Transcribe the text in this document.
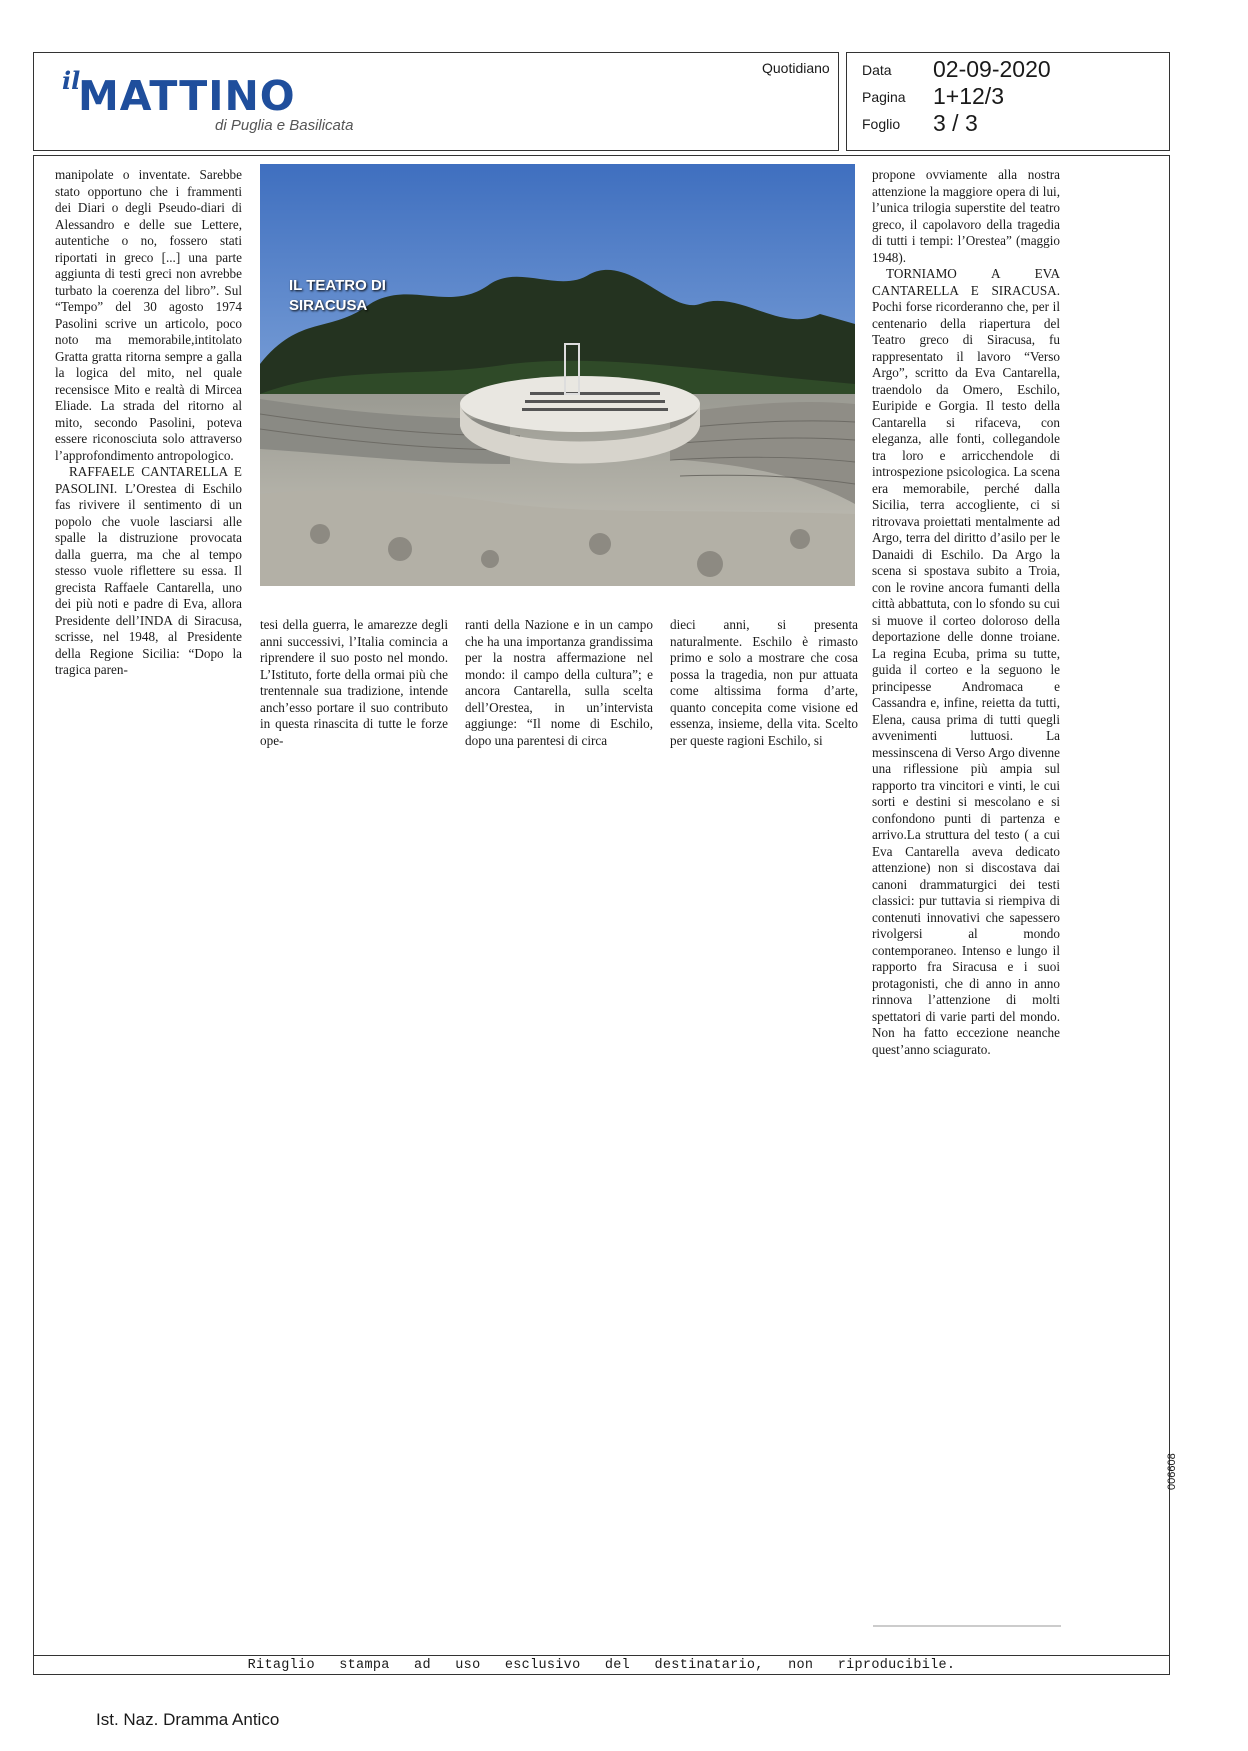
il
MATTINO
di Puglia e Basilicata
Quotidiano Data 02-09-2020
Pagina 1+12/3
Foglio 3 / 3

manipolate o inventate. Sarebbe stato opportuno che i frammenti dei Diari o degli Pseudo-diari di Alessandro e delle sue Lettere, autentiche o no, fossero stati riportati in greco [...] una parte aggiunta di testi greci non avrebbe turbato la coerenza del libro”. Sul “Tempo” del 30 agosto 1974 Pasolini scrive un articolo, poco noto ma memorabile,intitolato Gratta gratta ritorna sempre a galla la logica del mito, nel quale recensisce Mito e realtà di Mircea Eliade. La strada del ritorno al mito, secondo Pasolini, poteva essere riconosciuta solo attraverso l’approfondimento antropologico.

RAFFAELE CANTARELLA E PASOLINI. L’Orestea di Eschilo fas rivivere il sentimento di un popolo che vuole lasciarsi alle spalle la distruzione provocata dalla guerra, ma che al tempo stesso vuole riflettere su essa. Il grecista Raffaele Cantarella, uno dei più noti e padre di Eva, allora Presidente dell’INDA di Siracusa, scrisse, nel 1948, al Presidente della Regione Sicilia: “Dopo la tragica paren-

IL TEATRO DI
SIRACUSA

tesi della guerra, le amarezze degli anni successivi, l’Italia comincia a riprendere il suo posto nel mondo. L’Istituto, forte della ormai più che trentennale sua tradizione, intende anch’esso portare il suo contributo in questa rinascita di tutte le forze ope-

ranti della Nazione e in un campo che ha una importanza grandissima per la nostra affermazione nel mondo: il campo della cultura”; e ancora Cantarella, sulla scelta dell’Orestea, in un’intervista aggiunge: “Il nome di Eschilo, dopo una parentesi di circa

dieci anni, si presenta naturalmente. Eschilo è rimasto primo e solo a mostrare che cosa possa la tragedia, non pur attuata come altissima forma d’arte, quanto concepita come visione ed essenza, insieme, della vita. Scelto per queste ragioni Eschilo, si

propone ovviamente alla nostra attenzione la maggiore opera di lui, l’unica trilogia superstite del teatro greco, il capolavoro della tragedia di tutti i tempi: l’Orestea” (maggio 1948).

TORNIAMO A EVA CANTARELLA E SIRACUSA. Pochi forse ricorderanno che, per il centenario della riapertura del Teatro greco di Siracusa, fu rappresentato il lavoro “Verso Argo”, scritto da Eva Cantarella, traendolo da Omero, Eschilo, Euripide e Gorgia. Il testo della Cantarella si rifaceva, con eleganza, alle fonti, collegandole tra loro e arricchendole di introspezione psicologica. La scena era memorabile, perché dalla Sicilia, terra accogliente, ci si ritrovava proiettati mentalmente ad Argo, terra del diritto d’asilo per le Danaidi di Eschilo. Da Argo la scena si spostava subito a Troia, con le rovine ancora fumanti della città abbattuta, con lo sfondo su cui si muove il corteo doloroso della deportazione delle donne troiane. La regina Ecuba, prima su tutte, guida il corteo e la seguono le principesse Andromaca e Cassandra e, infine, reietta da tutti, Elena, causa prima di tutti quegli avvenimenti luttuosi. La messinscena di Verso Argo divenne una riflessione più ampia sul rapporto tra vincitori e vinti, le cui sorti e destini si mescolano e si confondono punti di partenza e arrivo.La struttura del testo ( a cui Eva Cantarella aveva dedicato attenzione) non si discostava dai canoni drammaturgici dei testi classici: pur tuttavia si riempiva di contenuti innovativi che sapessero rivolgersi al mondo contemporaneo. Intenso e lungo il rapporto fra Siracusa e i suoi protagonisti, che di anno in anno rinnova l’attenzione di molti spettatori di varie parti del mondo. Non ha fatto eccezione neanche quest’anno sciagurato.

Ritaglio stampa ad uso esclusivo del destinatario, non riproducibile.
006608
Ist. Naz. Dramma Antico
